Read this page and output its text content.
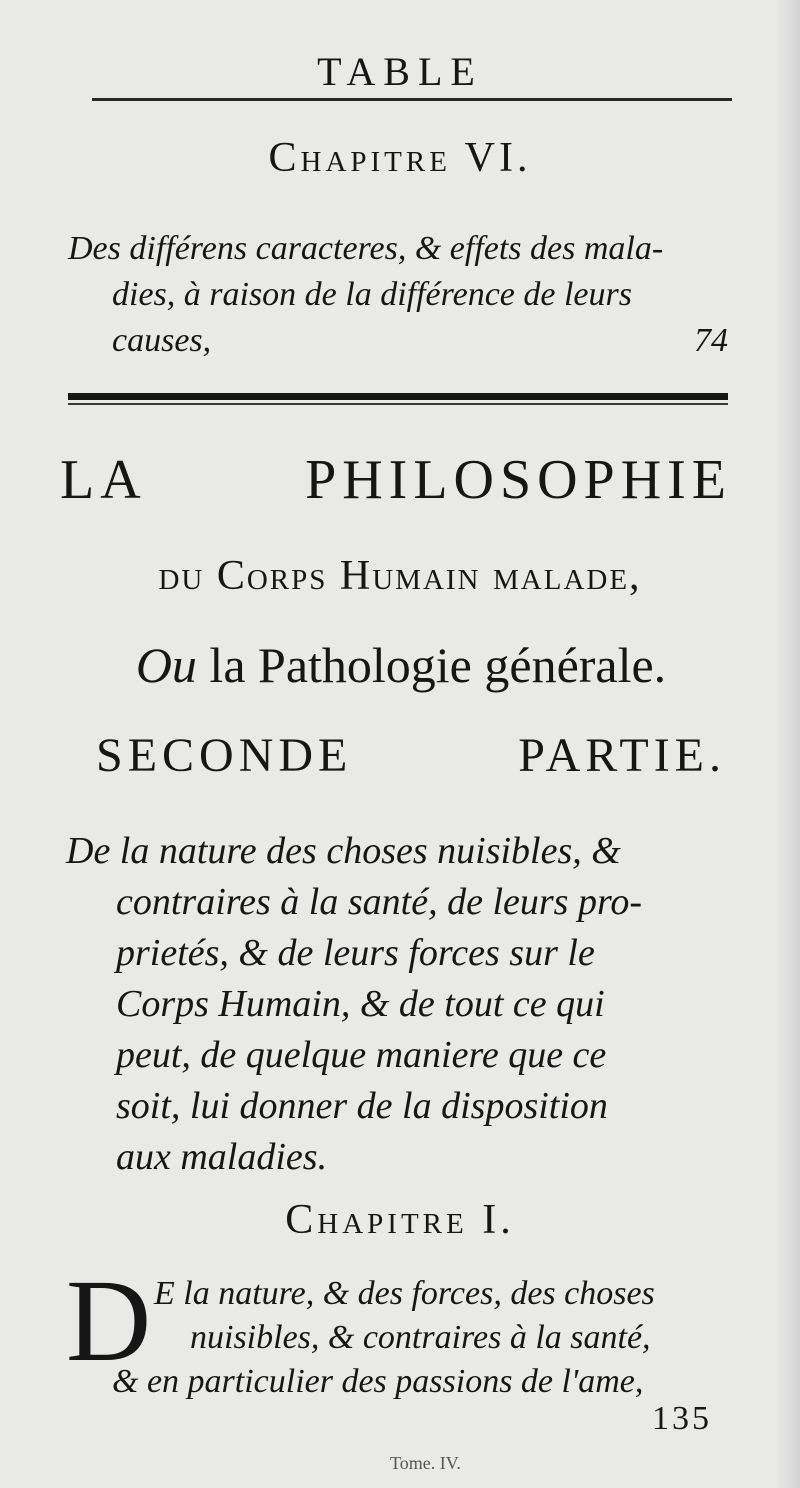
TABLE
Chapitre VI.
Des différens caracteres, & effets des mala-
dies, à raison de la différence de leurs
causes,	74
LA	PHILOSOPHIE
du Corps Humain malade,
Ou la Pathologie générale.
SECONDE	PARTIE.
De la nature des choses nuisibles, &
contraires à la santé, de leurs pro-
prietés, & de leurs forces sur le
Corps Humain, & de tout ce qui
peut, de quelque maniere que ce
soit, lui donner de la disposition
aux maladies.
Chapitre I.
D E la nature, & des forces, des choses
nuisibles, & contraires à la santé,
& en particulier des passions de l'ame,
135
Tome. IV.
